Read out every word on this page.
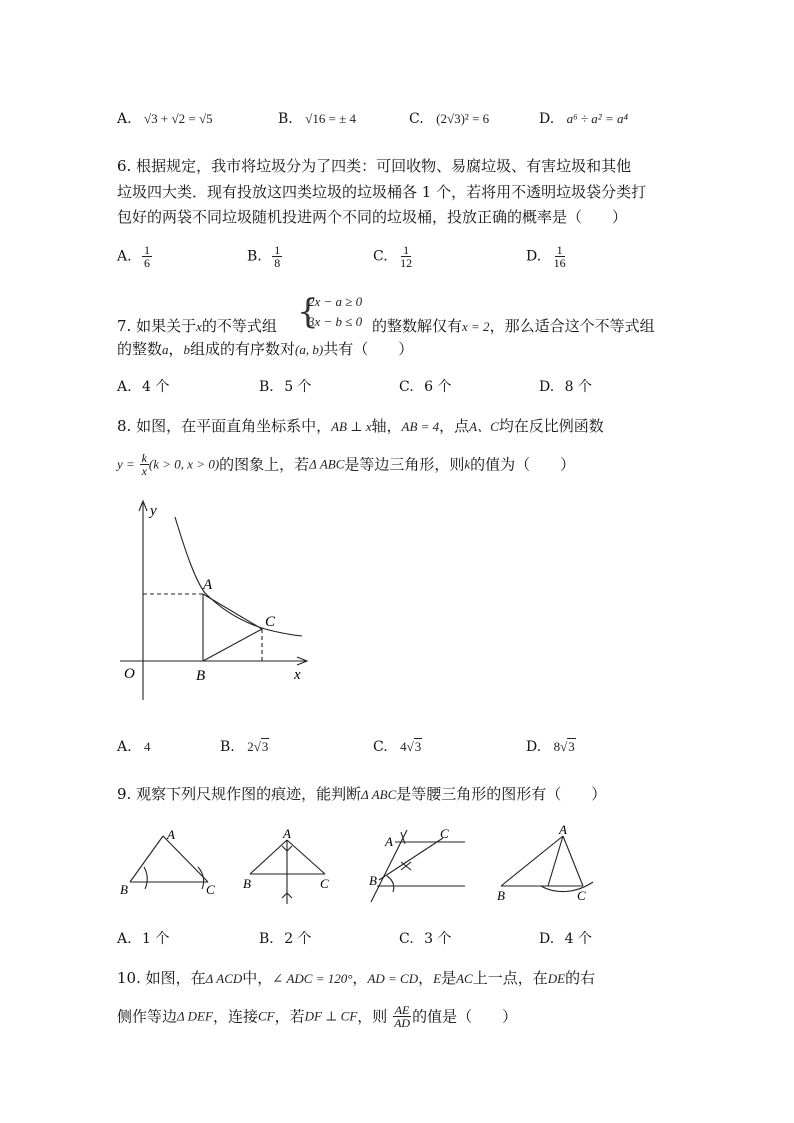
A. √3 + √2 = √5	B. √16 = ± 4	C. (2√3)² = 6	D. a⁶ ÷ a² = a⁴
6. 根据规定，我市将垃圾分为了四类：可回收物、易腐垃圾、有害垃圾和其他
垃圾四大类．现有投放这四类垃圾的垃圾桶各 1 个，若将用不透明垃圾袋分类打
包好的两袋不同垃圾随机投进两个不同的垃圾桶，投放正确的概率是（　　）
A. $\frac{1}{6}$	B. $\frac{1}{8}$	C. $\frac{1}{12}$	D. $\frac{1}{16}$
{
2x − a ≥ 0
3x − b ≤ 0
7. 如果关于x的不等式组	的整数解仅有x = 2，那么适合这个不等式组
的整数a，b组成的有序数对(a, b)共有（　　）
A. 4 个	B. 5 个	C. 6 个	D. 8 个
8. 如图，在平面直角坐标系中，AB ⊥ x轴，AB = 4，点A、C均在反比例函数
$y = \frac{k}{x} (k > 0$, x > 0)的图象上，若Δ ABC是等边三角形，则k的值为（　　）
y
x
O
A
B
C
A. 4	B. 2√3	C. 4√3	D. 8√3
9. 观察下列尺规作图的痕迹，能判断Δ ABC是等腰三角形的图形有（　　）
A
B	C
A
B	C
A
B
C	A
B	C
A. 1 个	B. 2 个	C. 3 个	D. 4 个
10. 如图，在Δ ACD中，∠ ADC = 120°，AD = CD，E是AC上一点，在DE的右
侧作等边Δ DEF，连接CF，若DF ⊥ CF，则 $\frac{AE}{AD}$ 的值是（　　）
